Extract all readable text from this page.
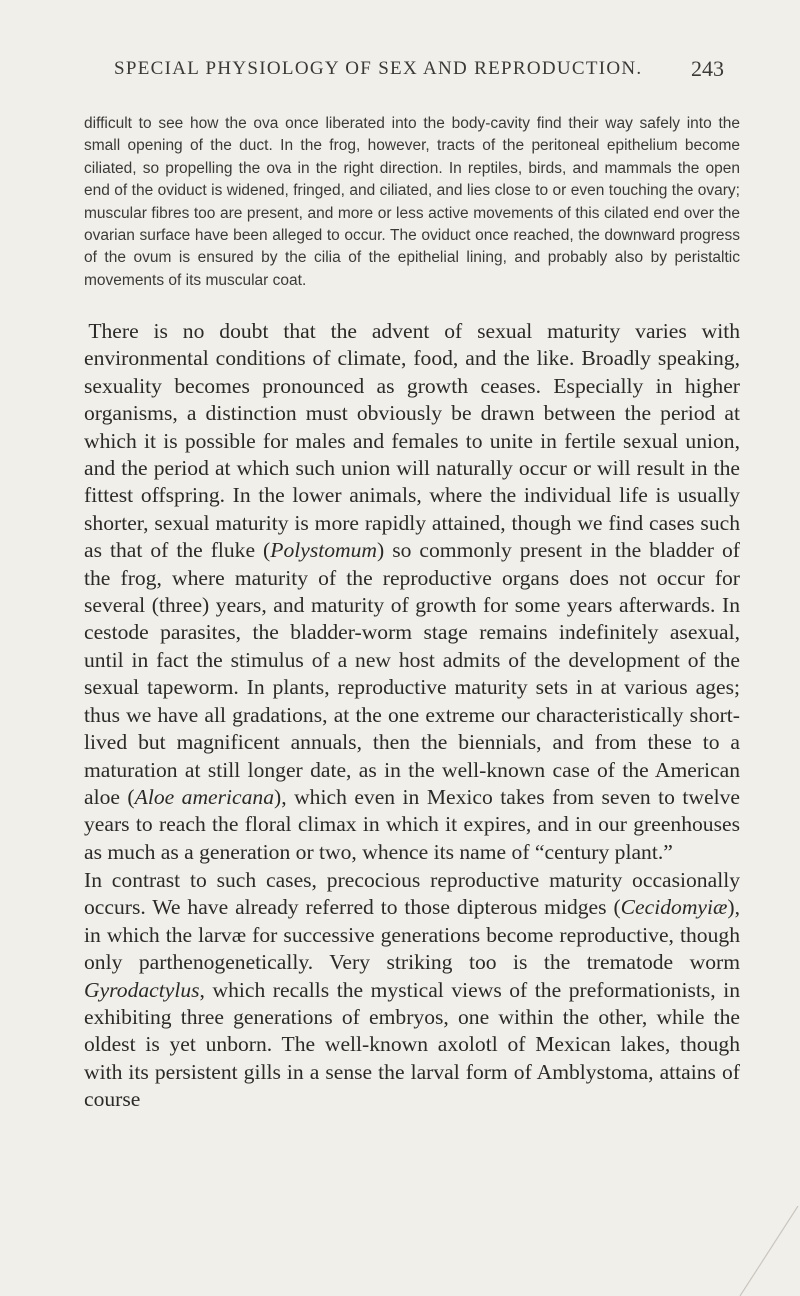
SPECIAL PHYSIOLOGY OF SEX AND REPRODUCTION. 243

difficult to see how the ova once liberated into the body-cavity find their way safely into the small opening of the duct. In the frog, however, tracts of the peritoneal epithelium become ciliated, so propelling the ova in the right direction. In reptiles, birds, and mammals the open end of the oviduct is widened, fringed, and ciliated, and lies close to or even touching the ovary; muscular fibres too are present, and more or less active movements of this cilated end over the ovarian surface have been alleged to occur. The oviduct once reached, the downward progress of the ovum is ensured by the cilia of the epithelial lining, and probably also by peristaltic movements of its muscular coat.

There is no doubt that the advent of sexual maturity varies with environmental conditions of climate, food, and the like. Broadly speaking, sexuality becomes pronounced as growth ceases. Especially in higher organisms, a distinction must obviously be drawn between the period at which it is possible for males and females to unite in fertile sexual union, and the period at which such union will naturally occur or will result in the fittest offspring. In the lower animals, where the individual life is usually shorter, sexual maturity is more rapidly attained, though we find cases such as that of the fluke (Polystomum) so commonly present in the bladder of the frog, where maturity of the reproductive organs does not occur for several (three) years, and maturity of growth for some years afterwards. In cestode parasites, the bladder-worm stage remains indefinitely asexual, until in fact the stimulus of a new host admits of the development of the sexual tapeworm. In plants, reproductive maturity sets in at various ages; thus we have all gradations, at the one extreme our characteristically short-lived but magnificent annuals, then the biennials, and from these to a maturation at still longer date, as in the well-known case of the American aloe (Aloe americana), which even in Mexico takes from seven to twelve years to reach the floral climax in which it expires, and in our greenhouses as much as a generation or two, whence its name of “century plant.”

In contrast to such cases, precocious reproductive maturity occasionally occurs. We have already referred to those dipterous midges (Cecidomyiæ), in which the larvæ for successive generations become reproductive, though only parthenogenetically. Very striking too is the trematode worm Gyrodactylus, which recalls the mystical views of the preformationists, in exhibiting three generations of embryos, one within the other, while the oldest is yet unborn. The well-known axolotl of Mexican lakes, though with its persistent gills in a sense the larval form of Amblystoma, attains of course
